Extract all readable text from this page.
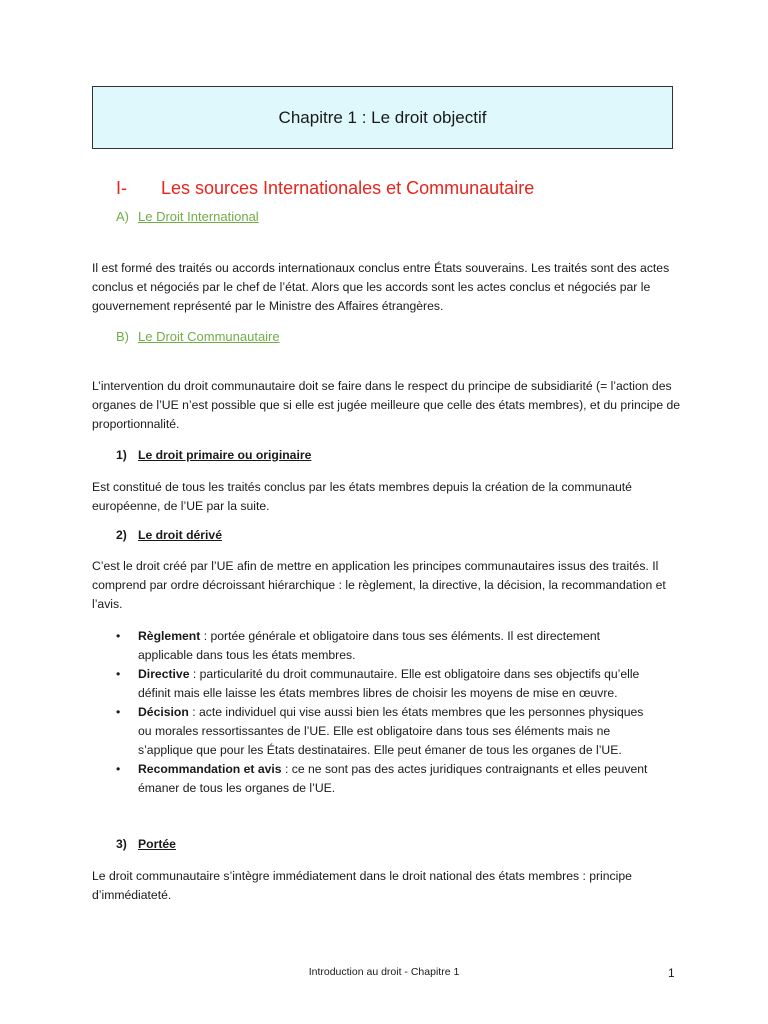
Chapitre 1 : Le droit objectif
I- Les sources Internationales et Communautaire
A) Le Droit International

Il est formé des traités ou accords internationaux conclus entre États souverains. Les traités sont des actes conclus et négociés par le chef de l’état. Alors que les accords sont les actes conclus et négociés par le gouvernement représenté par le Ministre des Affaires étrangères.

B) Le Droit Communautaire

L’intervention du droit communautaire doit se faire dans le respect du principe de subsidiarité (= l’action des organes de l’UE n’est possible que si elle est jugée meilleure que celle des états membres), et du principe de proportionnalité.

1) Le droit primaire ou originaire

Est constitué de tous les traités conclus par les états membres depuis la création de la communauté européenne, de l’UE par la suite.

2) Le droit dérivé

C’est le droit créé par l’UE afin de mettre en application les principes communautaires issus des traités. Il comprend par ordre décroissant hiérarchique : le règlement, la directive, la décision, la recommandation et l’avis.

• Règlement : portée générale et obligatoire dans tous ses éléments. Il est directement applicable dans tous les états membres.
• Directive : particularité du droit communautaire. Elle est obligatoire dans ses objectifs qu’elle définit mais elle laisse les états membres libres de choisir les moyens de mise en œuvre.
• Décision : acte individuel qui vise aussi bien les états membres que les personnes physiques ou morales ressortissantes de l’UE. Elle est obligatoire dans tous ses éléments mais ne s’applique que pour les États destinataires. Elle peut émaner de tous les organes de l’UE.
• Recommandation et avis : ce ne sont pas des actes juridiques contraignants et elles peuvent émaner de tous les organes de l’UE.
3) Portée

Le droit communautaire s’intègre immédiatement dans le droit national des états membres : principe d’immédiateté.

Introduction au droit - Chapitre 1	1
